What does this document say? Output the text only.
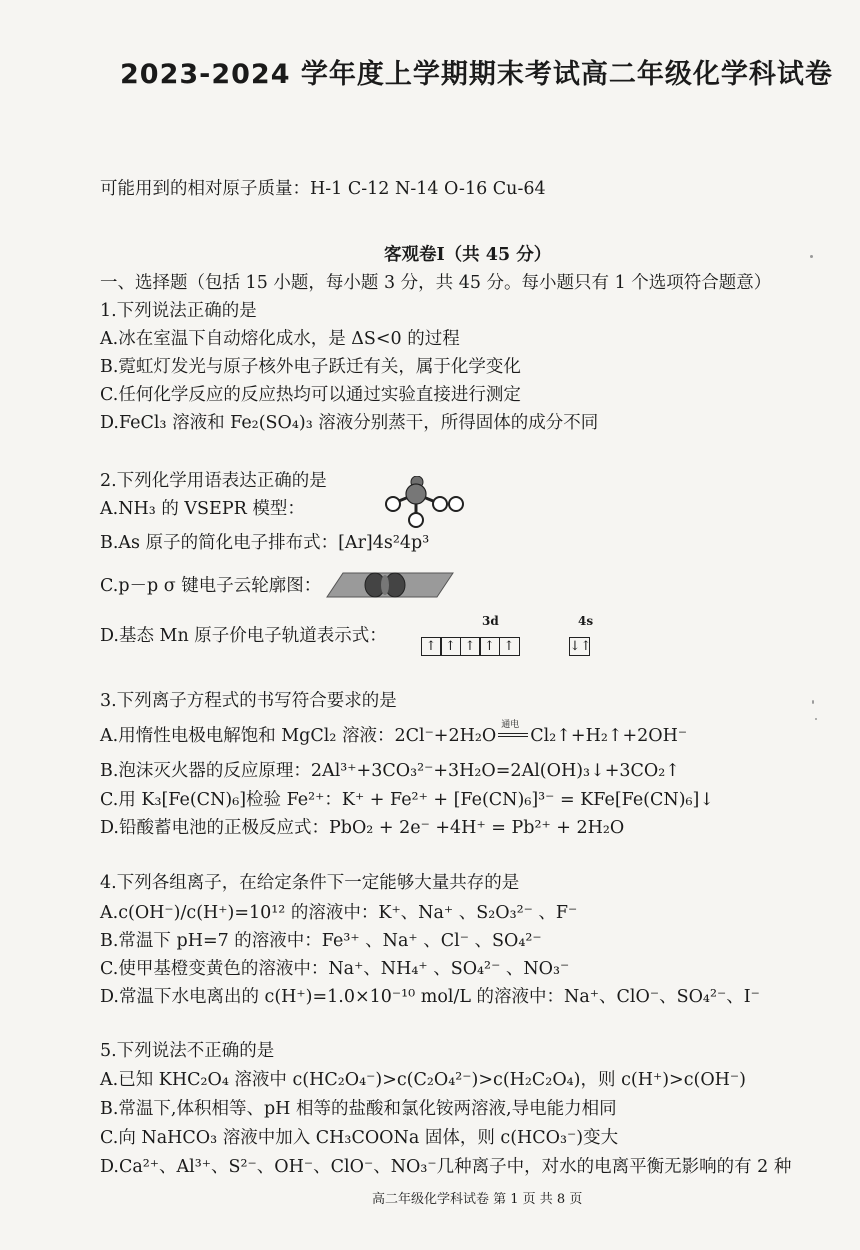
2023-2024 学年度上学期期末考试高二年级化学科试卷
可能用到的相对原子质量：H-1 C-12 N-14 O-16 Cu-64
客观卷I（共 45 分）
一、选择题（包括 15 小题，每小题 3 分，共 45 分。每小题只有 1 个选项符合题意）
1.下列说法正确的是
A.冰在室温下自动熔化成水，是 ΔS<0 的过程
B.霓虹灯发光与原子核外电子跃迁有关，属于化学变化
C.任何化学反应的反应热均可以通过实验直接进行测定
D.FeCl₃ 溶液和 Fe₂(SO₄)₃ 溶液分别蒸干，所得固体的成分不同
2.下列化学用语表达正确的是
A.NH₃ 的 VSEPR 模型：
B.As 原子的简化电子排布式：[Ar]4s²4p³
C.p－p σ 键电子云轮廓图：
D.基态 Mn 原子价电子轨道表示式：
3d	4s
↑ ↑ ↑ ↑ ↑	↓↑
3.下列离子方程式的书写符合要求的是
A.用惰性电极电解饱和 MgCl₂ 溶液：2Cl⁻+2H₂O
通电
Cl₂↑+H₂↑+2OH⁻
B.泡沫灭火器的反应原理：2Al³⁺+3CO₃²⁻+3H₂O=2Al(OH)₃↓+3CO₂↑
C.用 K₃[Fe(CN)₆]检验 Fe²⁺：K⁺ + Fe²⁺ + [Fe(CN)₆]³⁻ = KFe[Fe(CN)₆]↓
D.铅酸蓄电池的正极反应式：PbO₂ + 2e⁻ +4H⁺ = Pb²⁺ + 2H₂O
4.下列各组离子，在给定条件下一定能够大量共存的是
A.c(OH⁻)/c(H⁺)=10¹² 的溶液中：K⁺、Na⁺ 、S₂O₃²⁻ 、F⁻
B.常温下 pH=7 的溶液中：Fe³⁺ 、Na⁺ 、Cl⁻ 、SO₄²⁻
C.使甲基橙变黄色的溶液中：Na⁺、NH₄⁺ 、SO₄²⁻ 、NO₃⁻
D.常温下水电离出的 c(H⁺)=1.0×10⁻¹⁰ mol/L 的溶液中：Na⁺、ClO⁻、SO₄²⁻、I⁻
5.下列说法不正确的是
A.已知 KHC₂O₄ 溶液中 c(HC₂O₄⁻)>c(C₂O₄²⁻)>c(H₂C₂O₄)，则 c(H⁺)>c(OH⁻)
B.常温下,体积相等、pH 相等的盐酸和氯化铵两溶液,导电能力相同
C.向 NaHCO₃ 溶液中加入 CH₃COONa 固体，则 c(HCO₃⁻)变大
D.Ca²⁺、Al³⁺、S²⁻、OH⁻、ClO⁻、NO₃⁻几种离子中，对水的电离平衡无影响的有 2 种
高二年级化学科试卷 第 1 页 共 8 页
